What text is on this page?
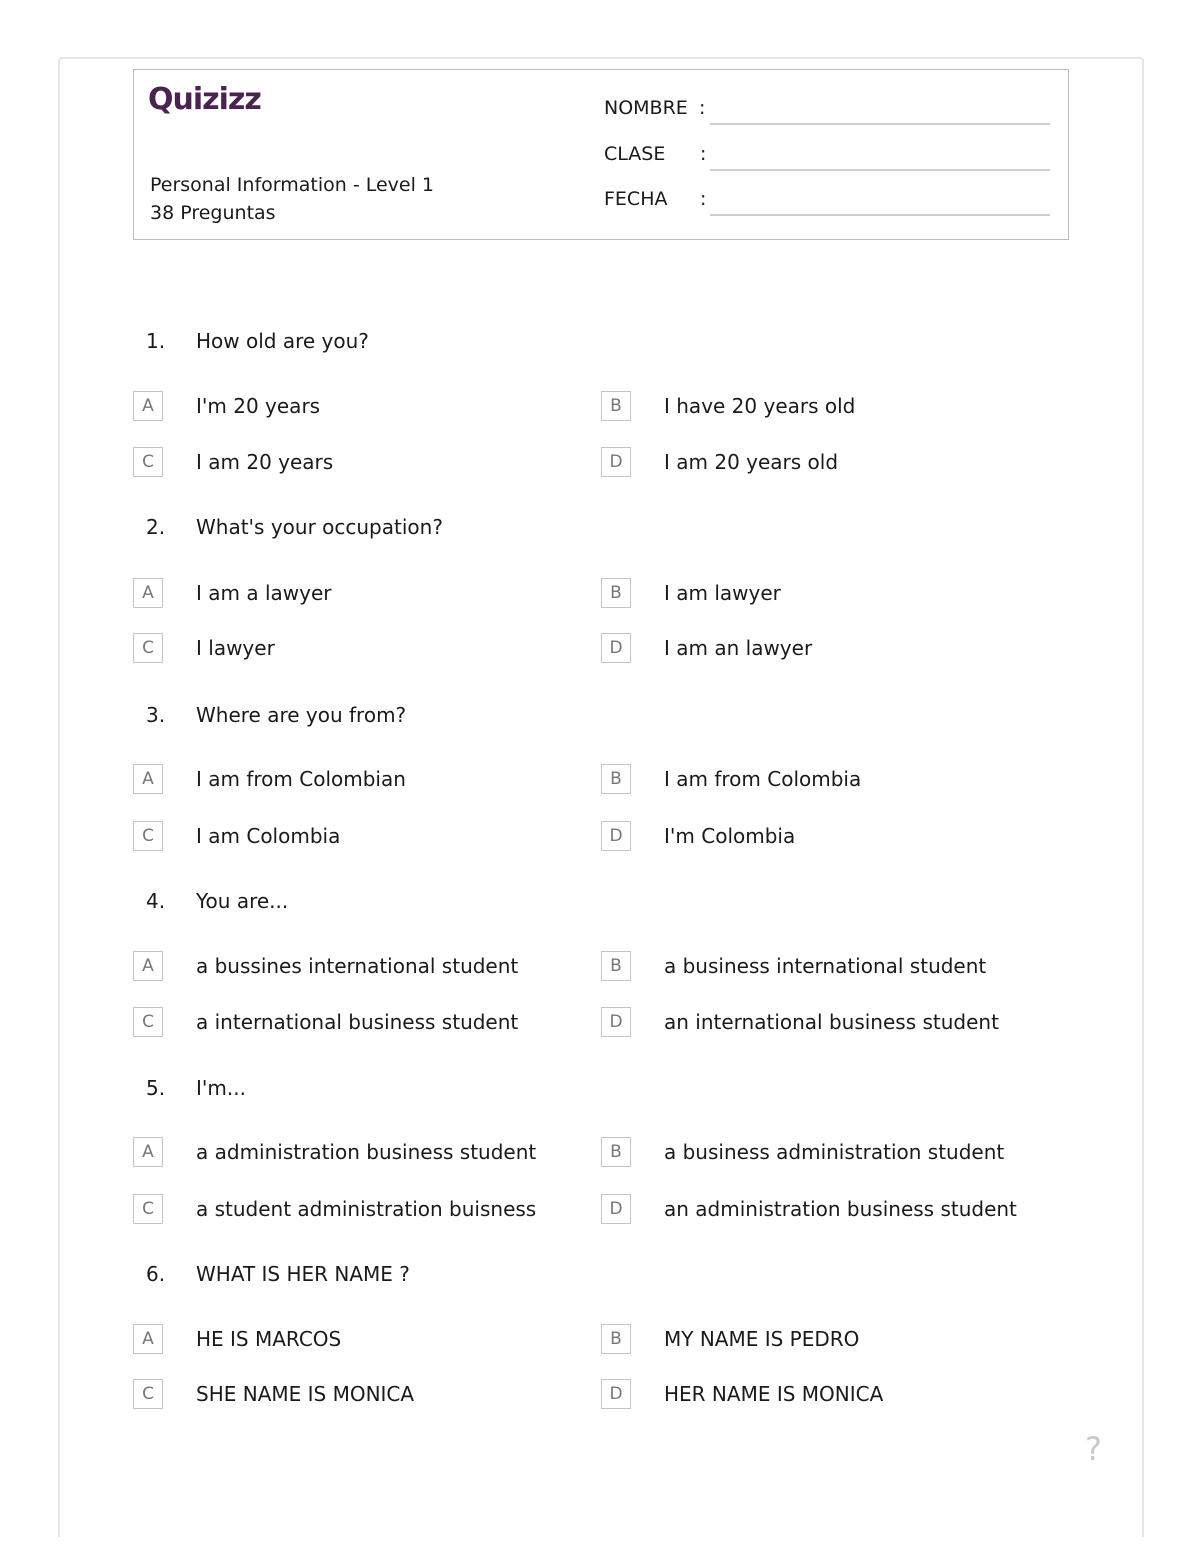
Quizizz
Personal Information - Level 1
38 Preguntas
NOMBRE :
CLASE :
FECHA :
1. How old are you?
A	I'm 20 years	B	I have 20 years old
C	I am 20 years	D	I am 20 years old
2. What's your occupation?
A	I am a lawyer	B	I am lawyer
C	I lawyer	D	I am an lawyer
3. Where are you from?
A	I am from Colombian	B	I am from Colombia
C	I am Colombia	D	I'm Colombia
4. You are...
A	a bussines international student	B	a business international student
C	a international business student	D	an international business student
5. I'm...
A	a administration business student	B	a business administration student
C	a student administration buisness	D	an administration business student
6. WHAT IS HER NAME ?
A	HE IS MARCOS	B	MY NAME IS PEDRO
C	SHE NAME IS MONICA	D	HER NAME IS MONICA
?
